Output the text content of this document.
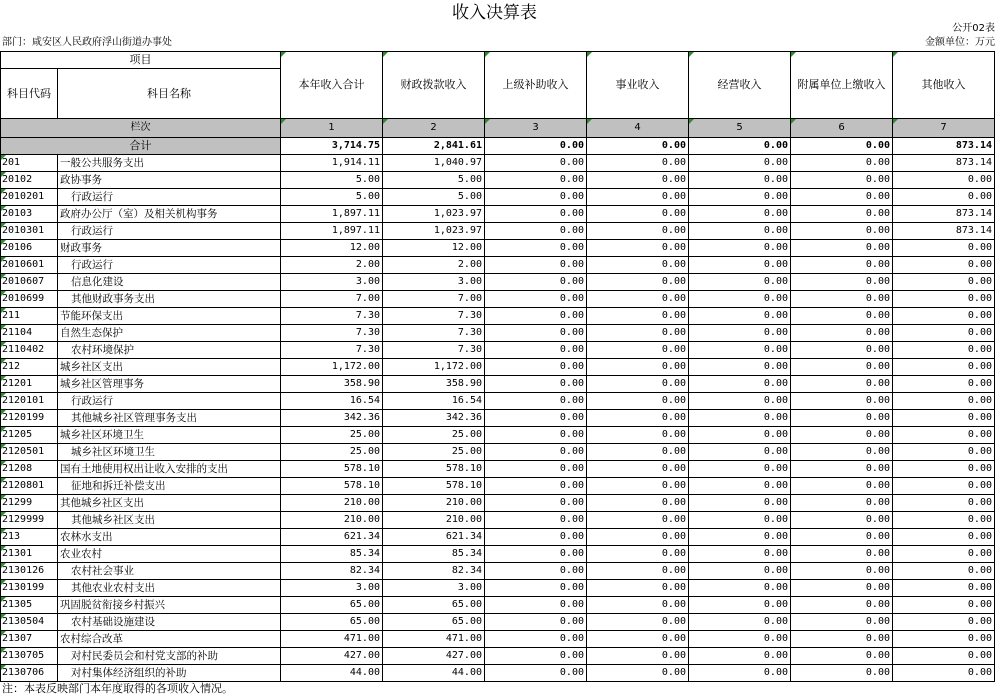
收入决算表
公开02表
部门：咸安区人民政府浮山街道办事处	金额单位：万元
项目		本年收入合计	财政拨款收入	上级补助收入	事业收入	经营收入	附属单位上缴收入	其他收入
科目代码	科目名称							
栏次		1	2	3	4	5	6	7
合计		3,714.75	2,841.61	0.00	0.00	0.00	0.00	873.14
201	一般公共服务支出	1,914.11	1,040.97	0.00	0.00	0.00	0.00	873.14
20102	政协事务	5.00	5.00	0.00	0.00	0.00	0.00	0.00
2010201	行政运行	5.00	5.00	0.00	0.00	0.00	0.00	0.00
20103	政府办公厅（室）及相关机构事务	1,897.11	1,023.97	0.00	0.00	0.00	0.00	873.14
2010301	行政运行	1,897.11	1,023.97	0.00	0.00	0.00	0.00	873.14
20106	财政事务	12.00	12.00	0.00	0.00	0.00	0.00	0.00
2010601	行政运行	2.00	2.00	0.00	0.00	0.00	0.00	0.00
2010607	信息化建设	3.00	3.00	0.00	0.00	0.00	0.00	0.00
2010699	其他财政事务支出	7.00	7.00	0.00	0.00	0.00	0.00	0.00
211	节能环保支出	7.30	7.30	0.00	0.00	0.00	0.00	0.00
21104	自然生态保护	7.30	7.30	0.00	0.00	0.00	0.00	0.00
2110402	农村环境保护	7.30	7.30	0.00	0.00	0.00	0.00	0.00
212	城乡社区支出	1,172.00	1,172.00	0.00	0.00	0.00	0.00	0.00
21201	城乡社区管理事务	358.90	358.90	0.00	0.00	0.00	0.00	0.00
2120101	行政运行	16.54	16.54	0.00	0.00	0.00	0.00	0.00
2120199	其他城乡社区管理事务支出	342.36	342.36	0.00	0.00	0.00	0.00	0.00
21205	城乡社区环境卫生	25.00	25.00	0.00	0.00	0.00	0.00	0.00
2120501	城乡社区环境卫生	25.00	25.00	0.00	0.00	0.00	0.00	0.00
21208	国有土地使用权出让收入安排的支出	578.10	578.10	0.00	0.00	0.00	0.00	0.00
2120801	征地和拆迁补偿支出	578.10	578.10	0.00	0.00	0.00	0.00	0.00
21299	其他城乡社区支出	210.00	210.00	0.00	0.00	0.00	0.00	0.00
2129999	其他城乡社区支出	210.00	210.00	0.00	0.00	0.00	0.00	0.00
213	农林水支出	621.34	621.34	0.00	0.00	0.00	0.00	0.00
21301	农业农村	85.34	85.34	0.00	0.00	0.00	0.00	0.00
2130126	农村社会事业	82.34	82.34	0.00	0.00	0.00	0.00	0.00
2130199	其他农业农村支出	3.00	3.00	0.00	0.00	0.00	0.00	0.00
21305	巩固脱贫衔接乡村振兴	65.00	65.00	0.00	0.00	0.00	0.00	0.00
2130504	农村基础设施建设	65.00	65.00	0.00	0.00	0.00	0.00	0.00
21307	农村综合改革	471.00	471.00	0.00	0.00	0.00	0.00	0.00
2130705	对村民委员会和村党支部的补助	427.00	427.00	0.00	0.00	0.00	0.00	0.00
2130706	对村集体经济组织的补助	44.00	44.00	0.00	0.00	0.00	0.00	0.00
注：本表反映部门本年度取得的各项收入情况。
